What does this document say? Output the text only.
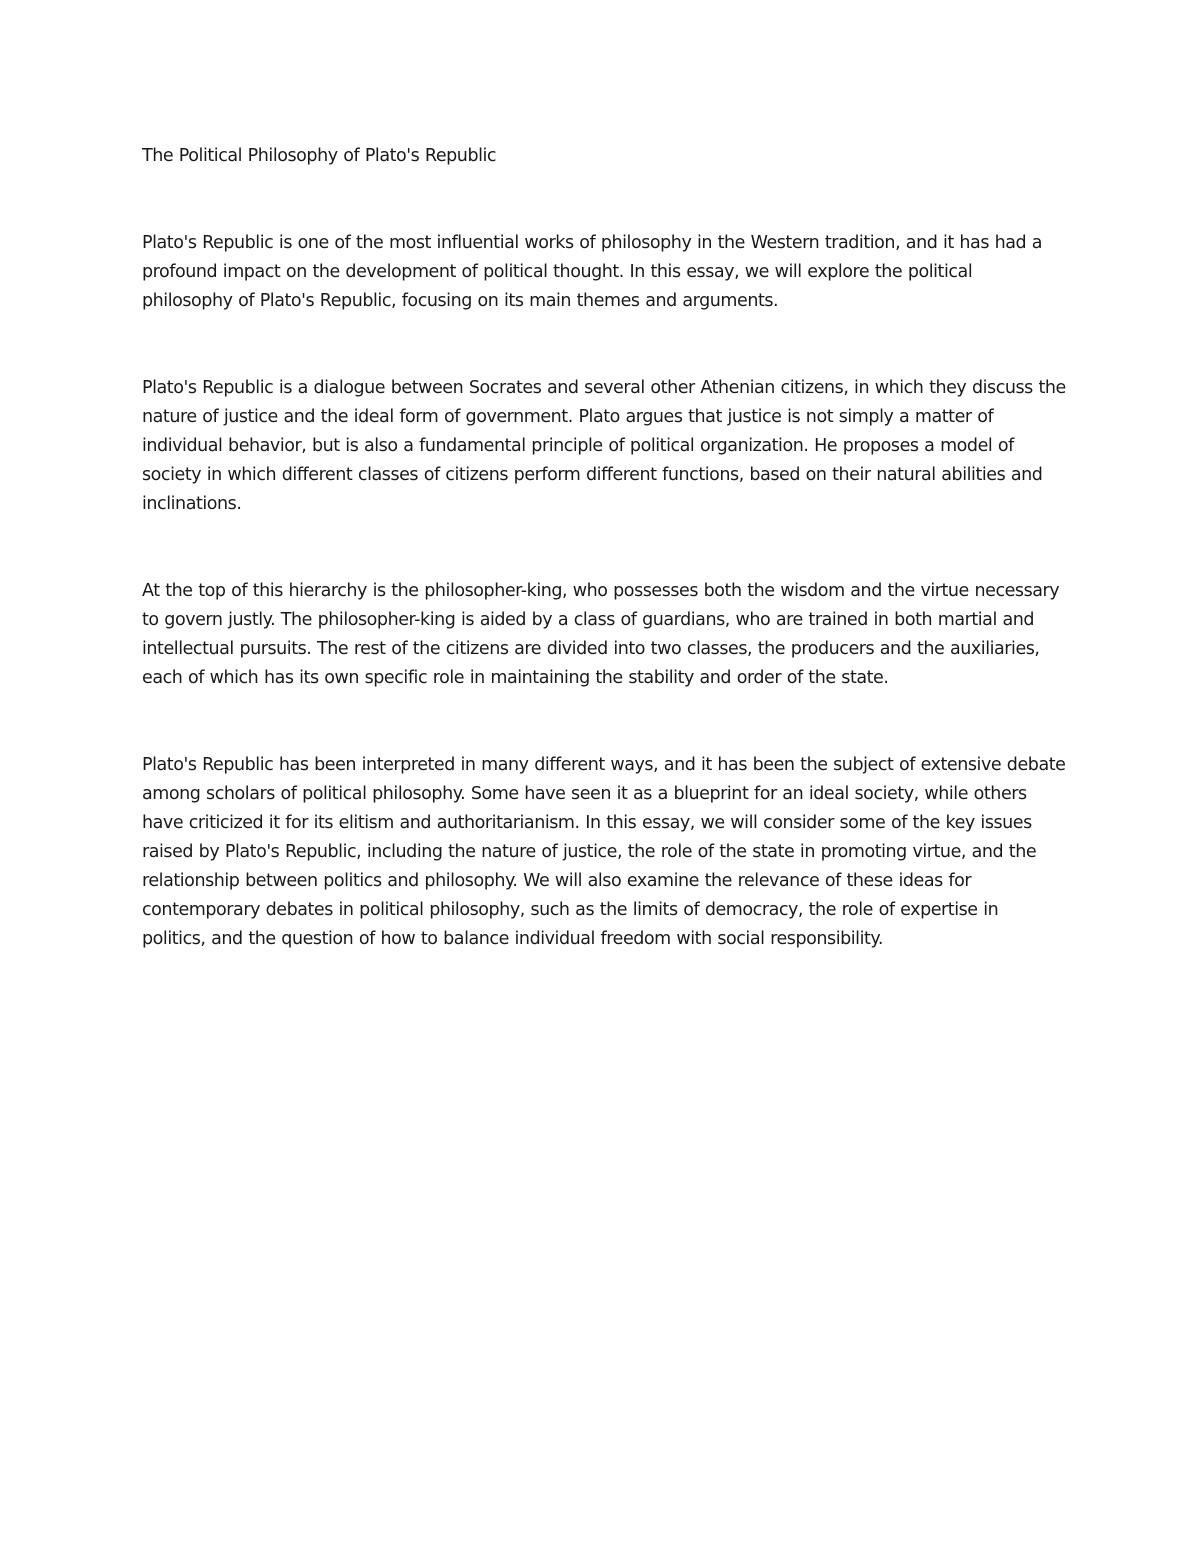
The Political Philosophy of Plato's Republic

Plato's Republic is one of the most influential works of philosophy in the Western tradition, and it has had a profound impact on the development of political thought. In this essay, we will explore the political philosophy of Plato's Republic, focusing on its main themes and arguments.

Plato's Republic is a dialogue between Socrates and several other Athenian citizens, in which they discuss the nature of justice and the ideal form of government. Plato argues that justice is not simply a matter of individual behavior, but is also a fundamental principle of political organization. He proposes a model of society in which different classes of citizens perform different functions, based on their natural abilities and inclinations.

At the top of this hierarchy is the philosopher-king, who possesses both the wisdom and the virtue necessary to govern justly. The philosopher-king is aided by a class of guardians, who are trained in both martial and intellectual pursuits. The rest of the citizens are divided into two classes, the producers and the auxiliaries, each of which has its own specific role in maintaining the stability and order of the state.

Plato's Republic has been interpreted in many different ways, and it has been the subject of extensive debate among scholars of political philosophy. Some have seen it as a blueprint for an ideal society, while others have criticized it for its elitism and authoritarianism. In this essay, we will consider some of the key issues raised by Plato's Republic, including the nature of justice, the role of the state in promoting virtue, and the relationship between politics and philosophy. We will also examine the relevance of these ideas for contemporary debates in political philosophy, such as the limits of democracy, the role of expertise in politics, and the question of how to balance individual freedom with social responsibility.
